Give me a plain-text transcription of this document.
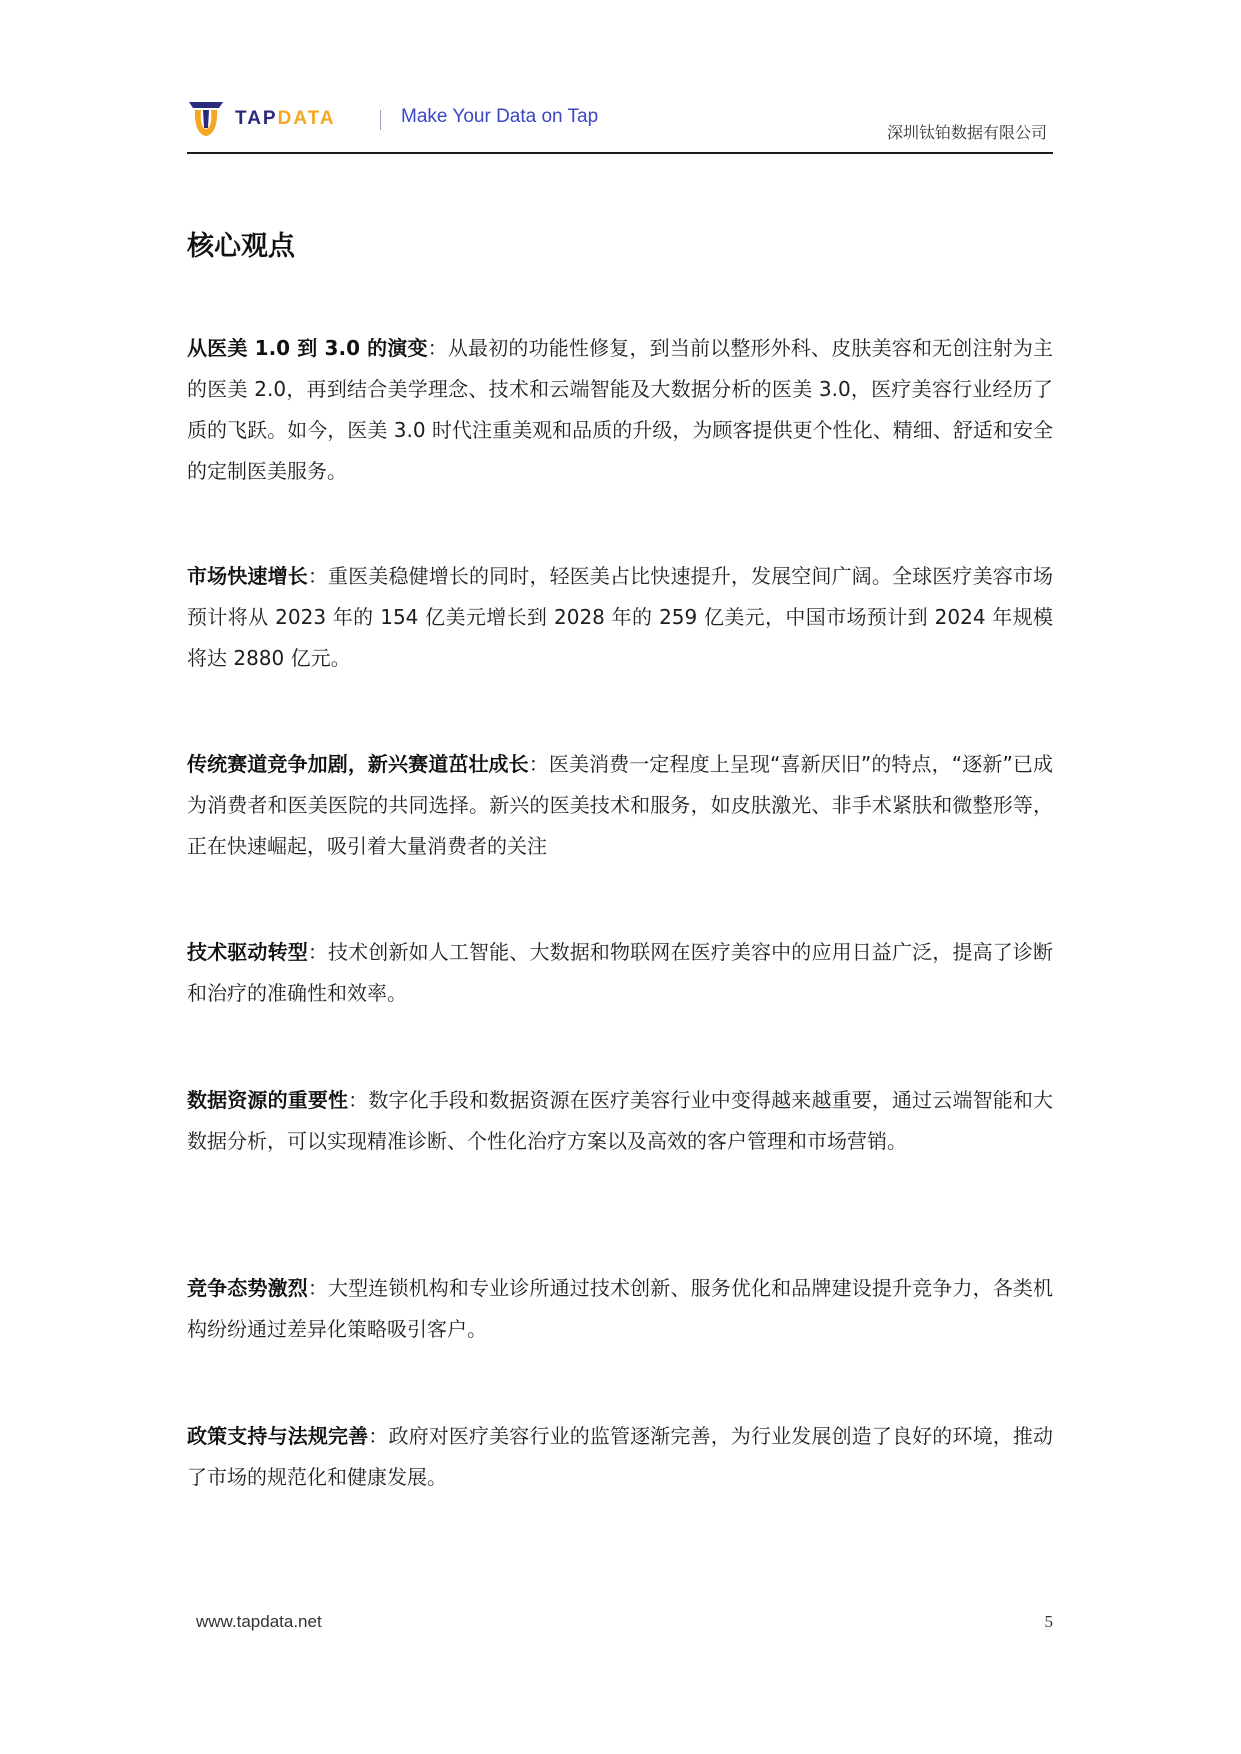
TAPDATA	Make Your Data on Tap
深圳钛铂数据有限公司
核心观点

从医美 1.0 到 3.0 的演变：从最初的功能性修复，到当前以整形外科、皮肤美容和无创注射为主的医美 2.0，再到结合美学理念、技术和云端智能及大数据分析的医美 3.0，医疗美容行业经历了质的飞跃。如今，医美 3.0 时代注重美观和品质的升级，为顾客提供更个性化、精细、舒适和安全的定制医美服务。

市场快速增长：重医美稳健增长的同时，轻医美占比快速提升，发展空间广阔。全球医疗美容市场预计将从 2023 年的 154 亿美元增长到 2028 年的 259 亿美元，中国市场预计到 2024 年规模将达 2880 亿元。

传统赛道竞争加剧，新兴赛道茁壮成长：医美消费一定程度上呈现“喜新厌旧”的特点，“逐新”已成为消费者和医美医院的共同选择。新兴的医美技术和服务，如皮肤激光、非手术紧肤和微整形等，正在快速崛起，吸引着大量消费者的关注

技术驱动转型：技术创新如人工智能、大数据和物联网在医疗美容中的应用日益广泛，提高了诊断和治疗的准确性和效率。

数据资源的重要性：数字化手段和数据资源在医疗美容行业中变得越来越重要，通过云端智能和大数据分析，可以实现精准诊断、个性化治疗方案以及高效的客户管理和市场营销。

竞争态势激烈：大型连锁机构和专业诊所通过技术创新、服务优化和品牌建设提升竞争力，各类机构纷纷通过差异化策略吸引客户。

政策支持与法规完善：政府对医疗美容行业的监管逐渐完善，为行业发展创造了良好的环境，推动了市场的规范化和健康发展。

www.tapdata.net	5
